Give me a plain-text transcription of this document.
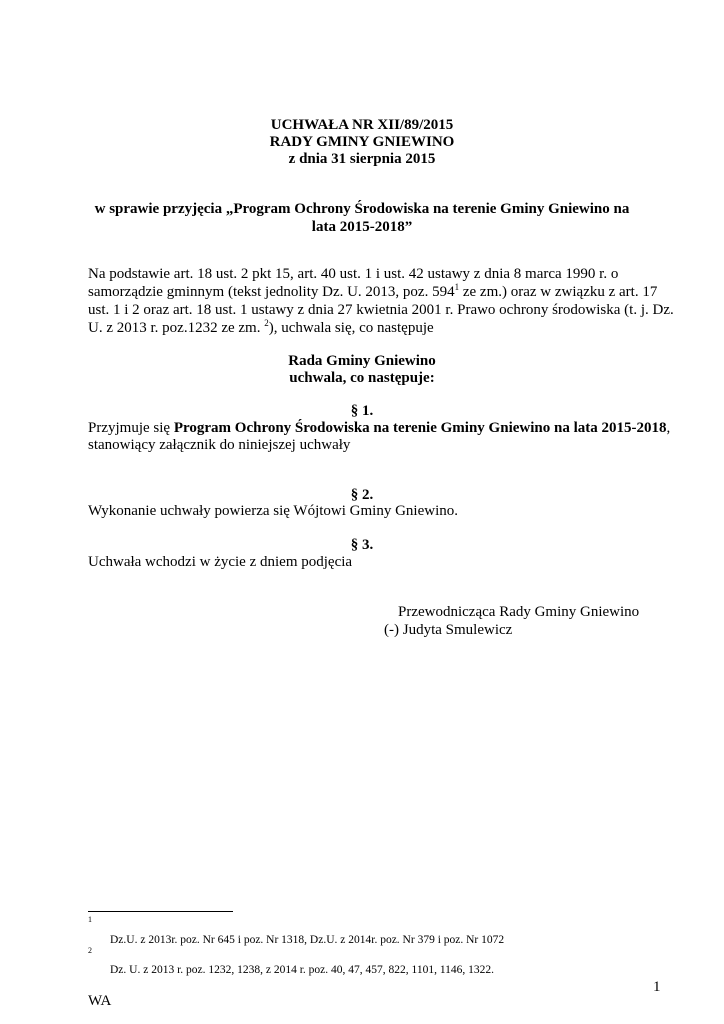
UCHWAŁA NR XII/89/2015
RADY GMINY GNIEWINO
z dnia 31 sierpnia 2015
w sprawie przyjęcia „Program Ochrony Środowiska na terenie Gminy Gniewino na lata 2015-2018”
Na podstawie art. 18 ust. 2 pkt 15, art. 40 ust. 1 i ust. 42 ustawy z dnia 8 marca 1990 r. o
samorządzie gminnym (tekst jednolity Dz. U. 2013, poz. $594^1$ ze zm.) oraz w związku z art. 17
ust. 1 i 2 oraz art. 18 ust. 1 ustawy z dnia 27 kwietnia 2001 r. Prawo ochrony środowiska (t. j. Dz.
U. z 2013 r. poz.1232 ze zm. $^2$), uchwala się, co następuje
Rada Gminy Gniewino
uchwala, co następuje:
§ 1.
Przyjmuje się Program Ochrony Środowiska na terenie Gminy Gniewino na lata 2015-2018,
stanowiący załącznik do niniejszej uchwały
§ 2.
Wykonanie uchwały powierza się Wójtowi Gminy Gniewino.
§ 3.
Uchwała wchodzi w życie z dniem podjęcia
Przewodnicząca Rady Gminy Gniewino
(-) Judyta Smulewicz
1
Dz.U. z 2013r. poz. Nr 645 i poz. Nr 1318, Dz.U. z 2014r. poz. Nr 379 i poz. Nr 1072
2
Dz. U. z 2013 r. poz. 1232, 1238, z 2014 r. poz. 40, 47, 457, 822, 1101, 1146, 1322.
1
WA
